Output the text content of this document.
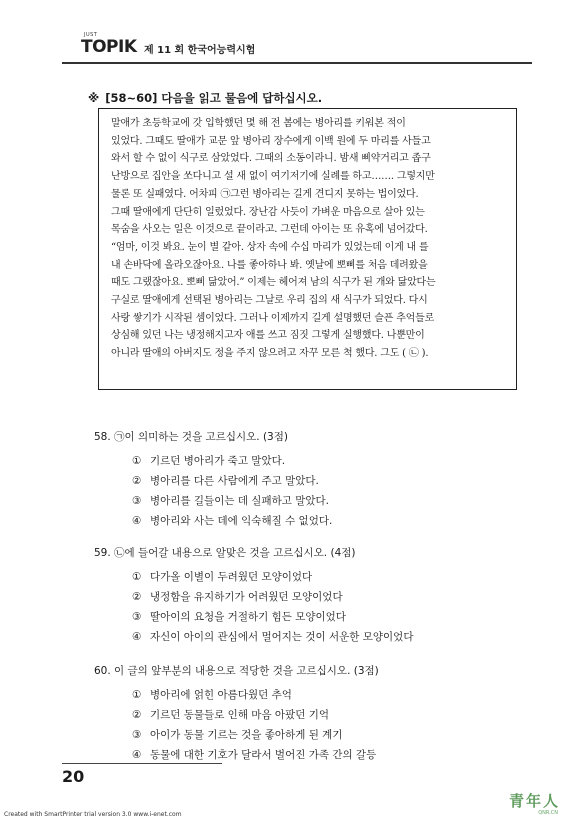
JUST
TOPIK 제 11 회 한국어능력시험
※ [58~60] 다음을 읽고 물음에 답하십시오.

말애가 초등학교에 갓 입학했던 몇 해 전 봄에는 병아리를 키워본 적이

있었다. 그때도 딸애가 교문 앞 병아리 장수에게 이백 원에 두 마리를 사들고

와서 할 수 없이 식구로 삼았었다. 그때의 소동이라니. 밤새 삐약거리고 좁구

난방으로 집안을 쏘다니고 설 새 없이 여기저기에 실례를 하고……. 그렇지만

물론 또 실패였다. 어차피 ㉠그런 병아리는 길게 견디지 못하는 법이었다.

그때 딸애에게 단단히 일렀었다. 장난감 사듯이 가벼운 마음으로 살아 있는

목숨을 사오는 일은 이것으로 끝이라고. 그런데 아이는 또 유혹에 넘어갔다.

“엄마, 이것 봐요. 눈이 별 같아. 상자 속에 수십 마리가 있었는데 이게 내 를

내 손바닥에 올라오잖아요. 나를 좋아하나 봐. 옛날에 뽀삐를 처음 데려왔을

때도 그랬잖아요. 뽀삐 닮았어.” 이제는 헤어져 남의 식구가 된 개와 닮았다는

구실로 딸애에게 선택된 병아리는 그날로 우리 집의 새 식구가 되었다. 다시

사랑 쌓기가 시작된 셈이었다. 그러나 이제까지 길게 설명했던 슬픈 추억들로

상심해 있던 나는 냉정해지고자 애를 쓰고 짐짓 그렇게 실행했다. 나뿐만이

아니라 딸애의 아버지도 정을 주지 않으려고 자꾸 모른 척 했다. 그도 ( ㉡ ).

58. ㉠이 의미하는 것을 고르십시오. (3점)
① 기르던 병아리가 죽고 말았다.
② 병아리를 다른 사람에게 주고 말았다.
③ 병아리를 길들이는 데 실패하고 말았다.
④ 병아리와 사는 데에 익숙해질 수 없었다.
59. ㉡에 들어갈 내용으로 알맞은 것을 고르십시오. (4점)
① 다가올 이별이 두려웠던 모양이었다
② 냉정함을 유지하기가 어려웠던 모양이었다
③ 딸아이의 요청을 거절하기 힘든 모양이었다
④ 자신이 아이의 관심에서 멀어지는 것이 서운한 모양이었다
60. 이 글의 앞부분의 내용으로 적당한 것을 고르십시오. (3점)
① 병아리에 얽힌 아름다웠던 추억
② 기르던 동물들로 인해 마음 아팠던 기억
③ 아이가 동물 기르는 것을 좋아하게 된 계기
④ 동물에 대한 기호가 달라서 벌어진 가족 간의 갈등
20
青年人
QNR.CN
Created with SmartPrinter trial version 3.0 www.i-enet.com
